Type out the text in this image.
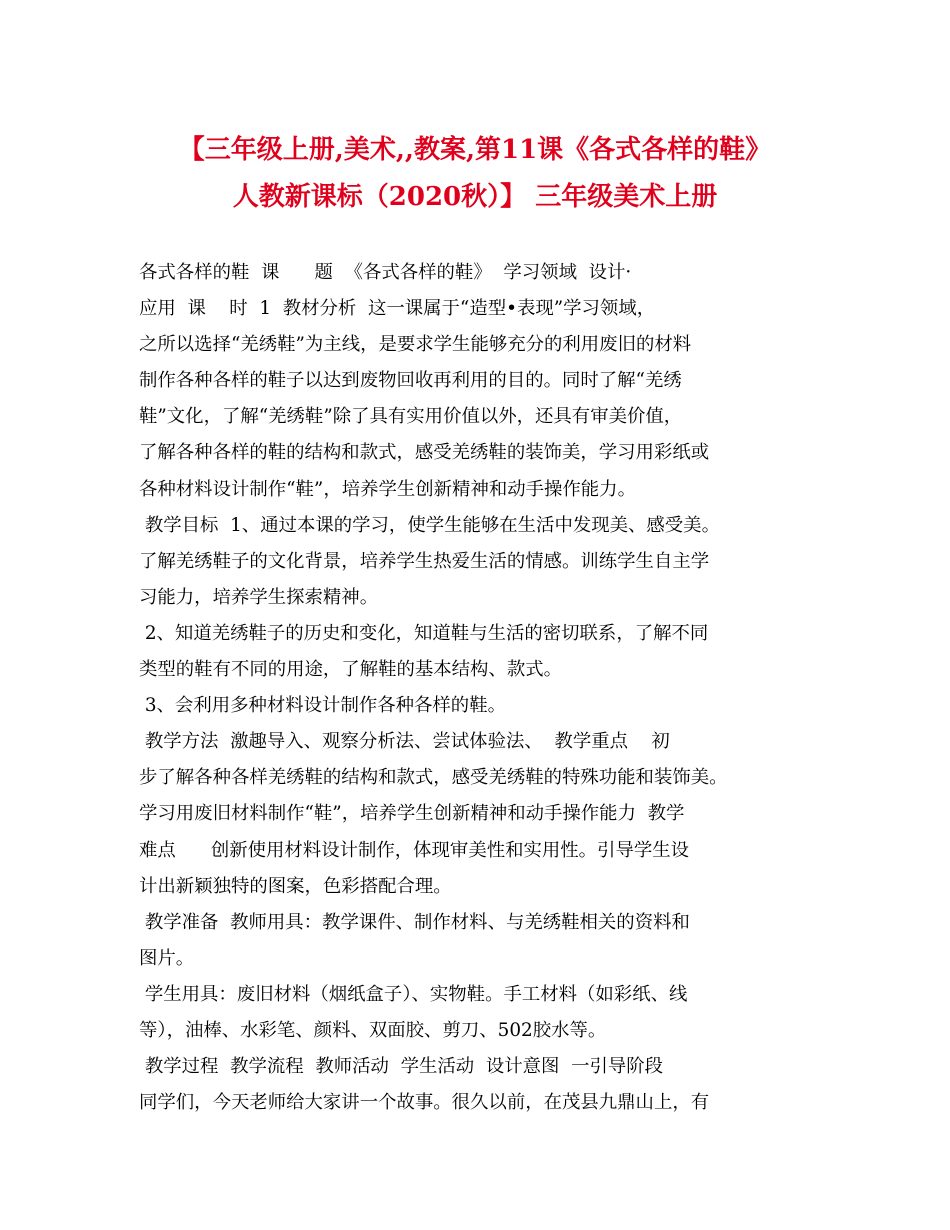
【三年级上册,美术,,教案,第11课《各式各样的鞋》
人教新课标（2020秋）】 三年级美术上册
各式各样的鞋  课      题  《各式各样的鞋》  学习领域  设计·
应用  课    时  1  教材分析  这一课属于“造型•表现”学习领域，
之所以选择“羌绣鞋”为主线，是要求学生能够充分的利用废旧的材料
制作各种各样的鞋子以达到废物回收再利用的目的。同时了解“羌绣
鞋”文化，了解“羌绣鞋”除了具有实用价值以外，还具有审美价值，
了解各种各样的鞋的结构和款式，感受羌绣鞋的装饰美，学习用彩纸或
各种材料设计制作“鞋”，培养学生创新精神和动手操作能力。
教学目标  1、通过本课的学习，使学生能够在生活中发现美、感受美。
了解羌绣鞋子的文化背景，培养学生热爱生活的情感。训练学生自主学
习能力，培养学生探索精神。
2、知道羌绣鞋子的历史和变化，知道鞋与生活的密切联系，了解不同
类型的鞋有不同的用途，了解鞋的基本结构、款式。
3、会利用多种材料设计制作各种各样的鞋。
教学方法  激趣导入、观察分析法、尝试体验法、  教学重点    初
步了解各种各样羌绣鞋的结构和款式，感受羌绣鞋的特殊功能和装饰美。
学习用废旧材料制作“鞋”，培养学生创新精神和动手操作能力  教学
难点      创新使用材料设计制作，体现审美性和实用性。引导学生设
计出新颖独特的图案，色彩搭配合理。
教学准备  教师用具：教学课件、制作材料、与羌绣鞋相关的资料和
图片。
学生用具：废旧材料（烟纸盒子）、实物鞋。手工材料（如彩纸、线
等），油棒、水彩笔、颜料、双面胶、剪刀、502胶水等。
教学过程  教学流程  教师活动  学生活动  设计意图  一引导阶段
同学们，今天老师给大家讲一个故事。很久以前，在茂县九鼎山上，有
